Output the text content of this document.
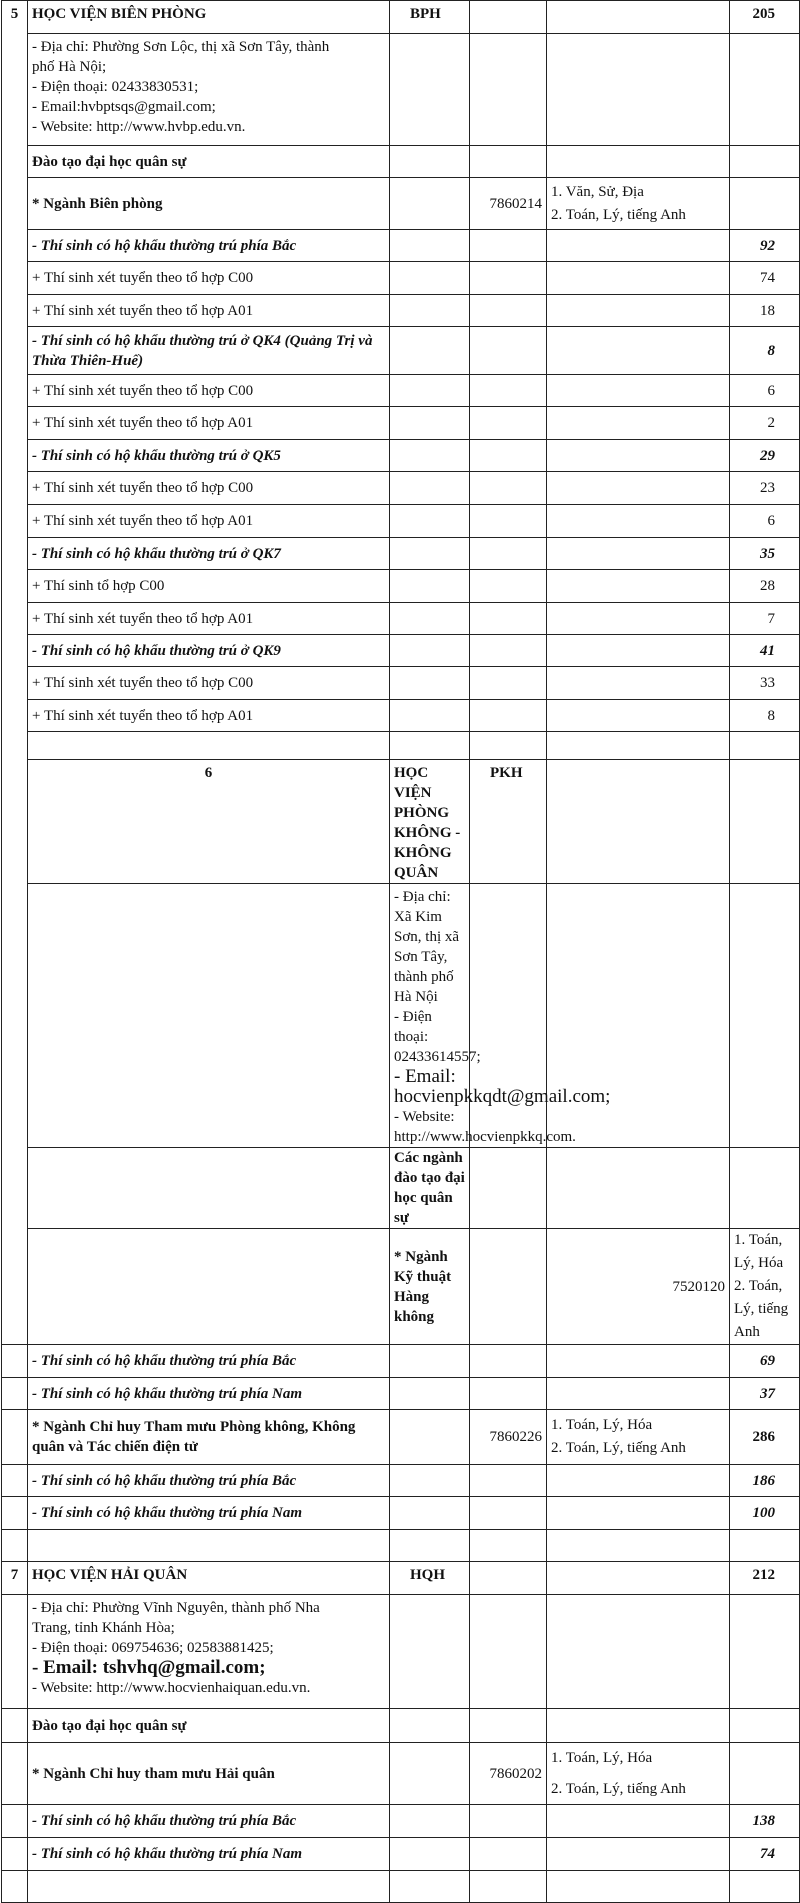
5	HỌC VIỆN BIÊN PHÒNG	BPH			205	

	- Địa chỉ: Phường Sơn Lộc, thị xã Sơn Tây, thành
phố Hà Nội;
- Điện thoại: 02433830531;
- Email:hvbptsqs@gmail.com;
- Website: http://www.hvbp.edu.vn.					

	Đào tạo đại học quân sự					
	* Ngành Biên phòng		7860214	1. Văn, Sử, Địa
2. Toán, Lý, tiếng Anh		

	- Thí sinh có hộ khẩu thường trú phía Bắc				92	
	+ Thí sinh xét tuyển theo tổ hợp C00				74	
	+ Thí sinh xét tuyển theo tổ hợp A01				18	
	- Thí sinh có hộ khẩu thường trú ở QK4 (Quảng Trị và Thừa Thiên-Huế)				8	
	+ Thí sinh xét tuyển theo tổ hợp C00				6	
	+ Thí sinh xét tuyển theo tổ hợp A01				2	
	- Thí sinh có hộ khẩu thường trú ở QK5				29	
	+ Thí sinh xét tuyển theo tổ hợp C00				23	
	+ Thí sinh xét tuyển theo tổ hợp A01				6	
	- Thí sinh có hộ khẩu thường trú ở QK7				35	
	+ Thí sinh tổ hợp C00				28	
	+ Thí sinh xét tuyển theo tổ hợp A01				7	
	- Thí sinh có hộ khẩu thường trú ở QK9				41	
	+ Thí sinh xét tuyển theo tổ hợp C00				33	
	+ Thí sinh xét tuyển theo tổ hợp A01				8	

	6	HỌC VIỆN PHÒNG KHÔNG - KHÔNG QUÂN	PKH			

		- Địa chỉ: Xã Kim Sơn, thị xã Sơn Tây, thành phố
Hà Nội
- Điện thoại: 02433614557;
- Email: hocvienpkkqdt@gmail.com;
- Website: http://www.hocvienpkkq.com.				

		Các ngành đào tạo đại học quân sự				
		* Ngành Kỹ thuật Hàng không		7520120	1. Toán, Lý, Hóa
2. Toán, Lý, tiếng Anh

	- Thí sinh có hộ khẩu thường trú phía Bắc				69	
	- Thí sinh có hộ khẩu thường trú phía Nam				37	
	* Ngành Chỉ huy Tham mưu Phòng không, Không quân và Tác chiến điện tử		7860226	1. Toán, Lý, Hóa
2. Toán, Lý, tiếng Anh	286	
	- Thí sinh có hộ khẩu thường trú phía Bắc				186	
	- Thí sinh có hộ khẩu thường trú phía Nam				100	

7	HỌC VIỆN HẢI QUÂN	HQH			212	

	- Địa chỉ: Phường Vĩnh Nguyên, thành phố Nha
Trang, tỉnh Khánh Hòa;
- Điện thoại: 069754636; 02583881425;
- Email: tshvhq@gmail.com;
- Website: http://www.hocvienhaiquan.edu.vn.					

	Đào tạo đại học quân sự					
	* Ngành Chỉ huy tham mưu Hải quân		7860202	1. Toán, Lý, Hóa
2. Toán, Lý, tiếng Anh		

	- Thí sinh có hộ khẩu thường trú phía Bắc				138	
	- Thí sinh có hộ khẩu thường trú phía Nam				74	
